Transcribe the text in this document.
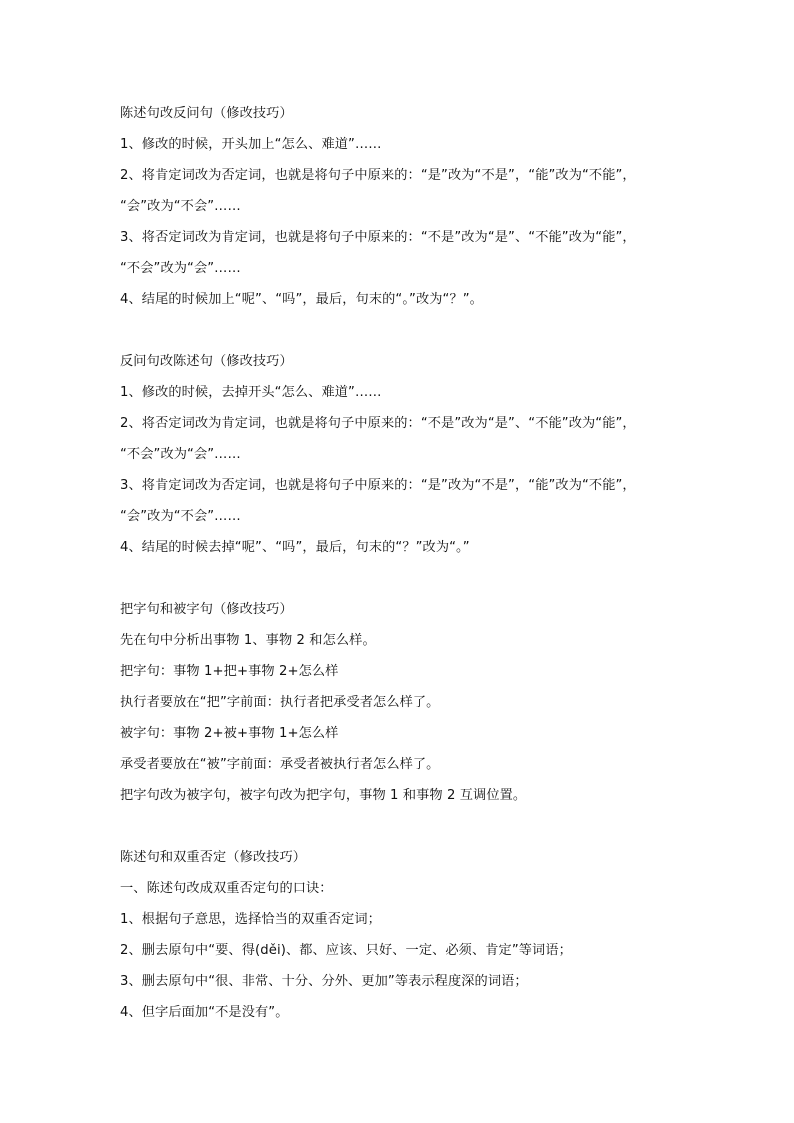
陈述句改反问句（修改技巧）
1、修改的时候，开头加上“怎么、难道”……
2、将肯定词改为否定词，也就是将句子中原来的：“是”改为“不是”，“能”改为“不能”，
“会”改为“不会”……
3、将否定词改为肯定词，也就是将句子中原来的：“不是”改为“是”、“不能”改为“能”，
“不会”改为“会”……
4、结尾的时候加上“呢”、“吗”，最后，句末的“。”改为“？”。
反问句改陈述句（修改技巧）
1、修改的时候，去掉开头“怎么、难道”……
2、将否定词改为肯定词，也就是将句子中原来的：“不是”改为“是”、“不能”改为“能”，
“不会”改为“会”……
3、将肯定词改为否定词，也就是将句子中原来的：“是”改为“不是”，“能”改为“不能”，
“会”改为“不会”……
4、结尾的时候去掉“呢”、“吗”，最后，句末的“？”改为“。”
把字句和被字句（修改技巧）
先在句中分析出事物 1、事物 2 和怎么样。
把字句：事物 1+把+事物 2+怎么样
执行者要放在“把”字前面：执行者把承受者怎么样了。
被字句：事物 2+被+事物 1+怎么样
承受者要放在“被”字前面：承受者被执行者怎么样了。
把字句改为被字句，被字句改为把字句，事物 1 和事物 2 互调位置。
陈述句和双重否定（修改技巧）
一、陈述句改成双重否定句的口诀：
1、根据句子意思，选择恰当的双重否定词；
2、删去原句中“要、得(děi)、都、应该、只好、一定、必须、肯定”等词语；
3、删去原句中“很、非常、十分、分外、更加”等表示程度深的词语；
4、但字后面加“不是没有”。
